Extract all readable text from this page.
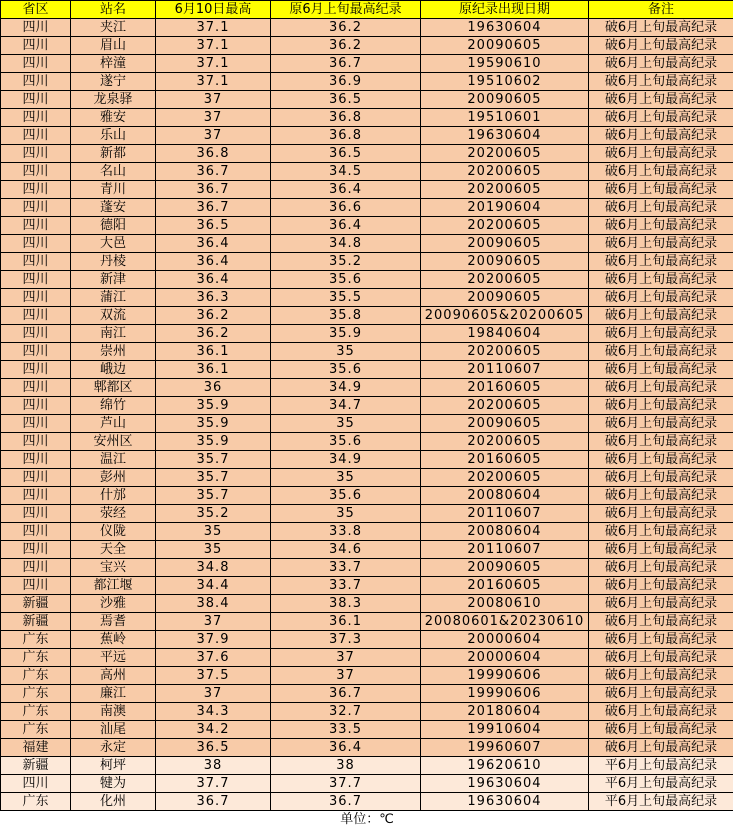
省区	站名	6月10日最高	原6月上旬最高纪录	原纪录出现日期	备注
四川	夹江	37.1	36.2	19630604	破6月上旬最高纪录
四川	眉山	37.1	36.2	20090605	破6月上旬最高纪录
四川	梓潼	37.1	36.7	19590610	破6月上旬最高纪录
四川	遂宁	37.1	36.9	19510602	破6月上旬最高纪录
四川	龙泉驿	37	36.5	20090605	破6月上旬最高纪录
四川	雅安	37	36.8	19510601	破6月上旬最高纪录
四川	乐山	37	36.8	19630604	破6月上旬最高纪录
四川	新都	36.8	36.5	20200605	破6月上旬最高纪录
四川	名山	36.7	34.5	20200605	破6月上旬最高纪录
四川	青川	36.7	36.4	20200605	破6月上旬最高纪录
四川	蓬安	36.7	36.6	20190604	破6月上旬最高纪录
四川	德阳	36.5	36.4	20200605	破6月上旬最高纪录
四川	大邑	36.4	34.8	20090605	破6月上旬最高纪录
四川	丹棱	36.4	35.2	20090605	破6月上旬最高纪录
四川	新津	36.4	35.6	20200605	破6月上旬最高纪录
四川	蒲江	36.3	35.5	20090605	破6月上旬最高纪录
四川	双流	36.2	35.8	20090605&20200605	破6月上旬最高纪录
四川	南江	36.2	35.9	19840604	破6月上旬最高纪录
四川	崇州	36.1	35	20200605	破6月上旬最高纪录
四川	峨边	36.1	35.6	20110607	破6月上旬最高纪录
四川	郫都区	36	34.9	20160605	破6月上旬最高纪录
四川	绵竹	35.9	34.7	20200605	破6月上旬最高纪录
四川	芦山	35.9	35	20090605	破6月上旬最高纪录
四川	安州区	35.9	35.6	20200605	破6月上旬最高纪录
四川	温江	35.7	34.9	20160605	破6月上旬最高纪录
四川	彭州	35.7	35	20200605	破6月上旬最高纪录
四川	什邡	35.7	35.6	20080604	破6月上旬最高纪录
四川	荥经	35.2	35	20110607	破6月上旬最高纪录
四川	仪陇	35	33.8	20080604	破6月上旬最高纪录
四川	天全	35	34.6	20110607	破6月上旬最高纪录
四川	宝兴	34.8	33.7	20090605	破6月上旬最高纪录
四川	都江堰	34.4	33.7	20160605	破6月上旬最高纪录
新疆	沙雅	38.4	38.3	20080610	破6月上旬最高纪录
新疆	焉耆	37	36.1	20080601&20230610	破6月上旬最高纪录
广东	蕉岭	37.9	37.3	20000604	破6月上旬最高纪录
广东	平远	37.6	37	20000604	破6月上旬最高纪录
广东	高州	37.5	37	19990606	破6月上旬最高纪录
广东	廉江	37	36.7	19990606	破6月上旬最高纪录
广东	南澳	34.3	32.7	20180604	破6月上旬最高纪录
广东	汕尾	34.2	33.5	19910604	破6月上旬最高纪录
福建	永定	36.5	36.4	19960607	破6月上旬最高纪录
新疆	柯坪	38	38	19620610	平6月上旬最高纪录
四川	犍为	37.7	37.7	19630604	平6月上旬最高纪录
广东	化州	36.7	36.7	19630604	平6月上旬最高纪录
单位：℃					
